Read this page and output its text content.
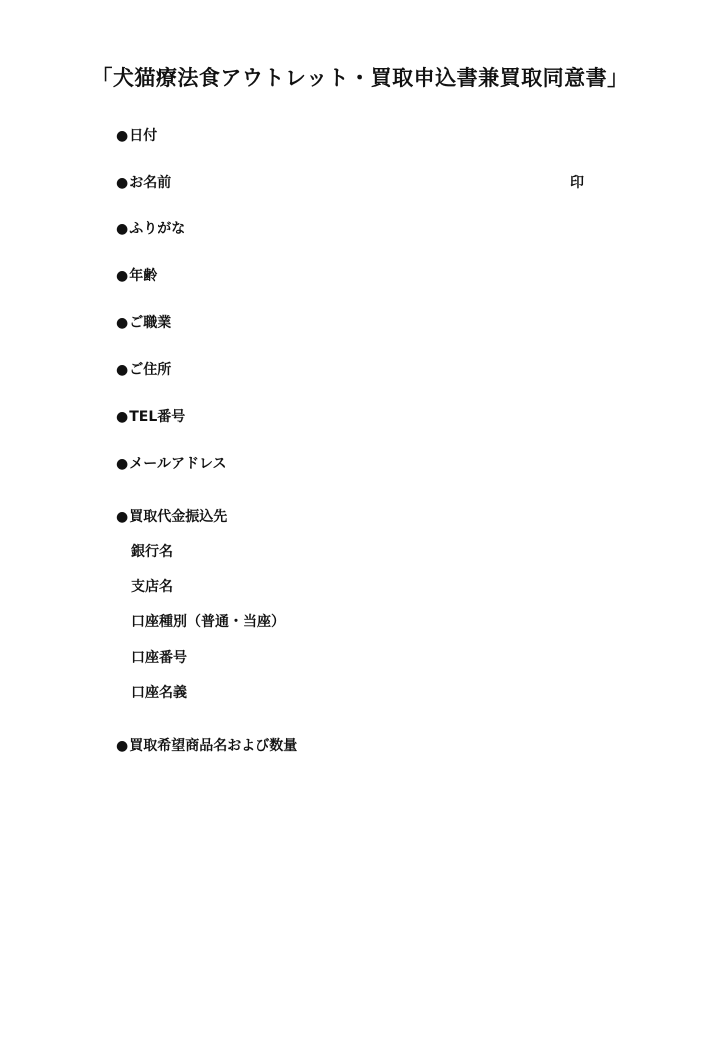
「犬猫療法食アウトレット・買取申込書兼買取同意書」
●日付
●お名前	印
●ふりがな
●年齢
●ご職業
●ご住所
●TEL番号
●メールアドレス
●買取代金振込先
銀行名
支店名
口座種別（普通・当座）
口座番号
口座名義
●買取希望商品名および数量
